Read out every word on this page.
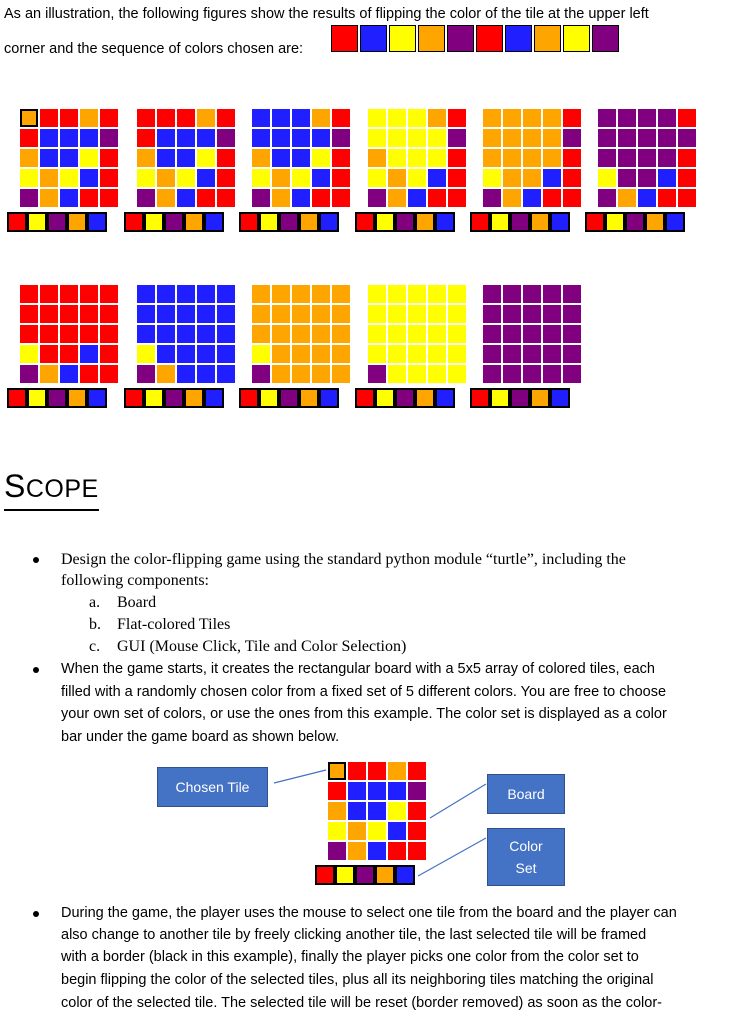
As an illustration, the following figures show the results of flipping the color of the tile at the upper left
corner and the sequence of colors chosen are:
SCOPE
Design the color-flipping game using the standard python module “turtle”, including the
following components:
a. Board
b. Flat-colored Tiles
c. GUI (Mouse Click, Tile and Color Selection)
When the game starts, it creates the rectangular board with a 5x5 array of colored tiles, each
filled with a randomly chosen color from a fixed set of 5 different colors. You are free to choose
your own set of colors, or use the ones from this example. The color set is displayed as a color
bar under the game board as shown below.
Chosen Tile	Board
Color
Set
During the game, the player uses the mouse to select one tile from the board and the player can
also change to another tile by freely clicking another tile, the last selected tile will be framed
with a border (black in this example), finally the player picks one color from the color set to
begin flipping the color of the selected tiles, plus all its neighboring tiles matching the original
color of the selected tile. The selected tile will be reset (border removed) as soon as the color-
